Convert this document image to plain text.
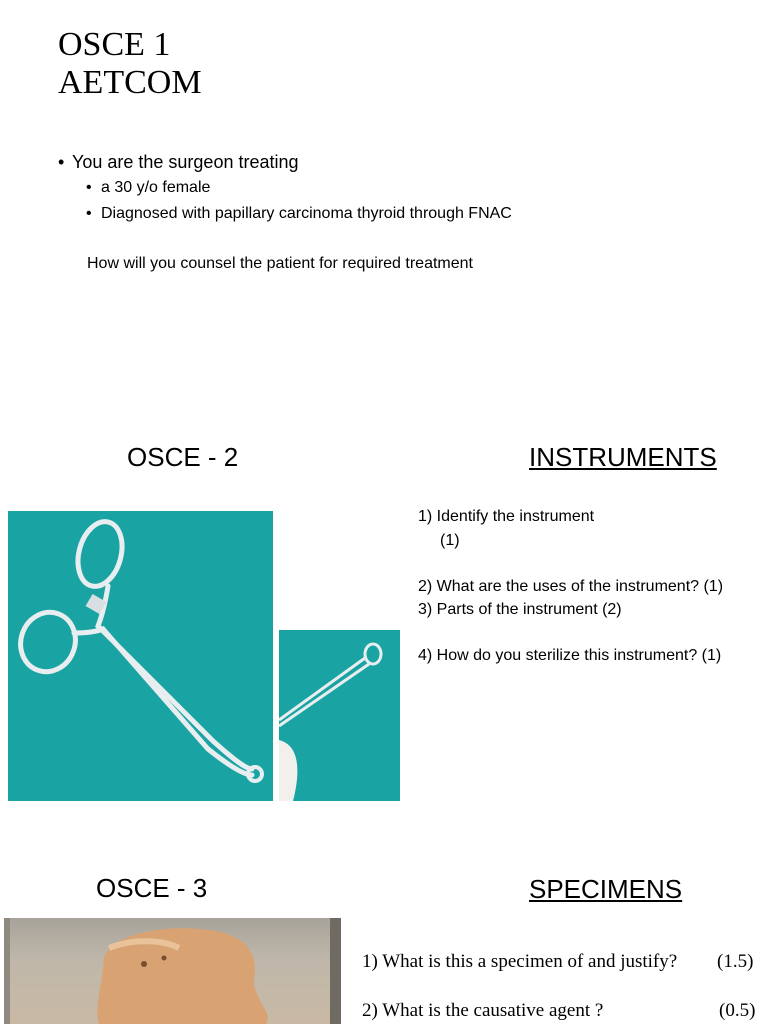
OSCE 1
AETCOM
• You are the surgeon treating
• a 30 y/o female
• Diagnosed with papillary carcinoma thyroid through FNAC
How will you counsel the patient for required treatment
OSCE - 2	INSTRUMENTS
1) Identify the instrument
(1)
2) What are the uses of the instrument? (1)
3) Parts of the instrument (2)
4) How do you sterilize this instrument? (1)
OSCE - 3	SPECIMENS
1) What is this a specimen of and justify? (1.5)
2) What is the causative agent ?	(0.5)
